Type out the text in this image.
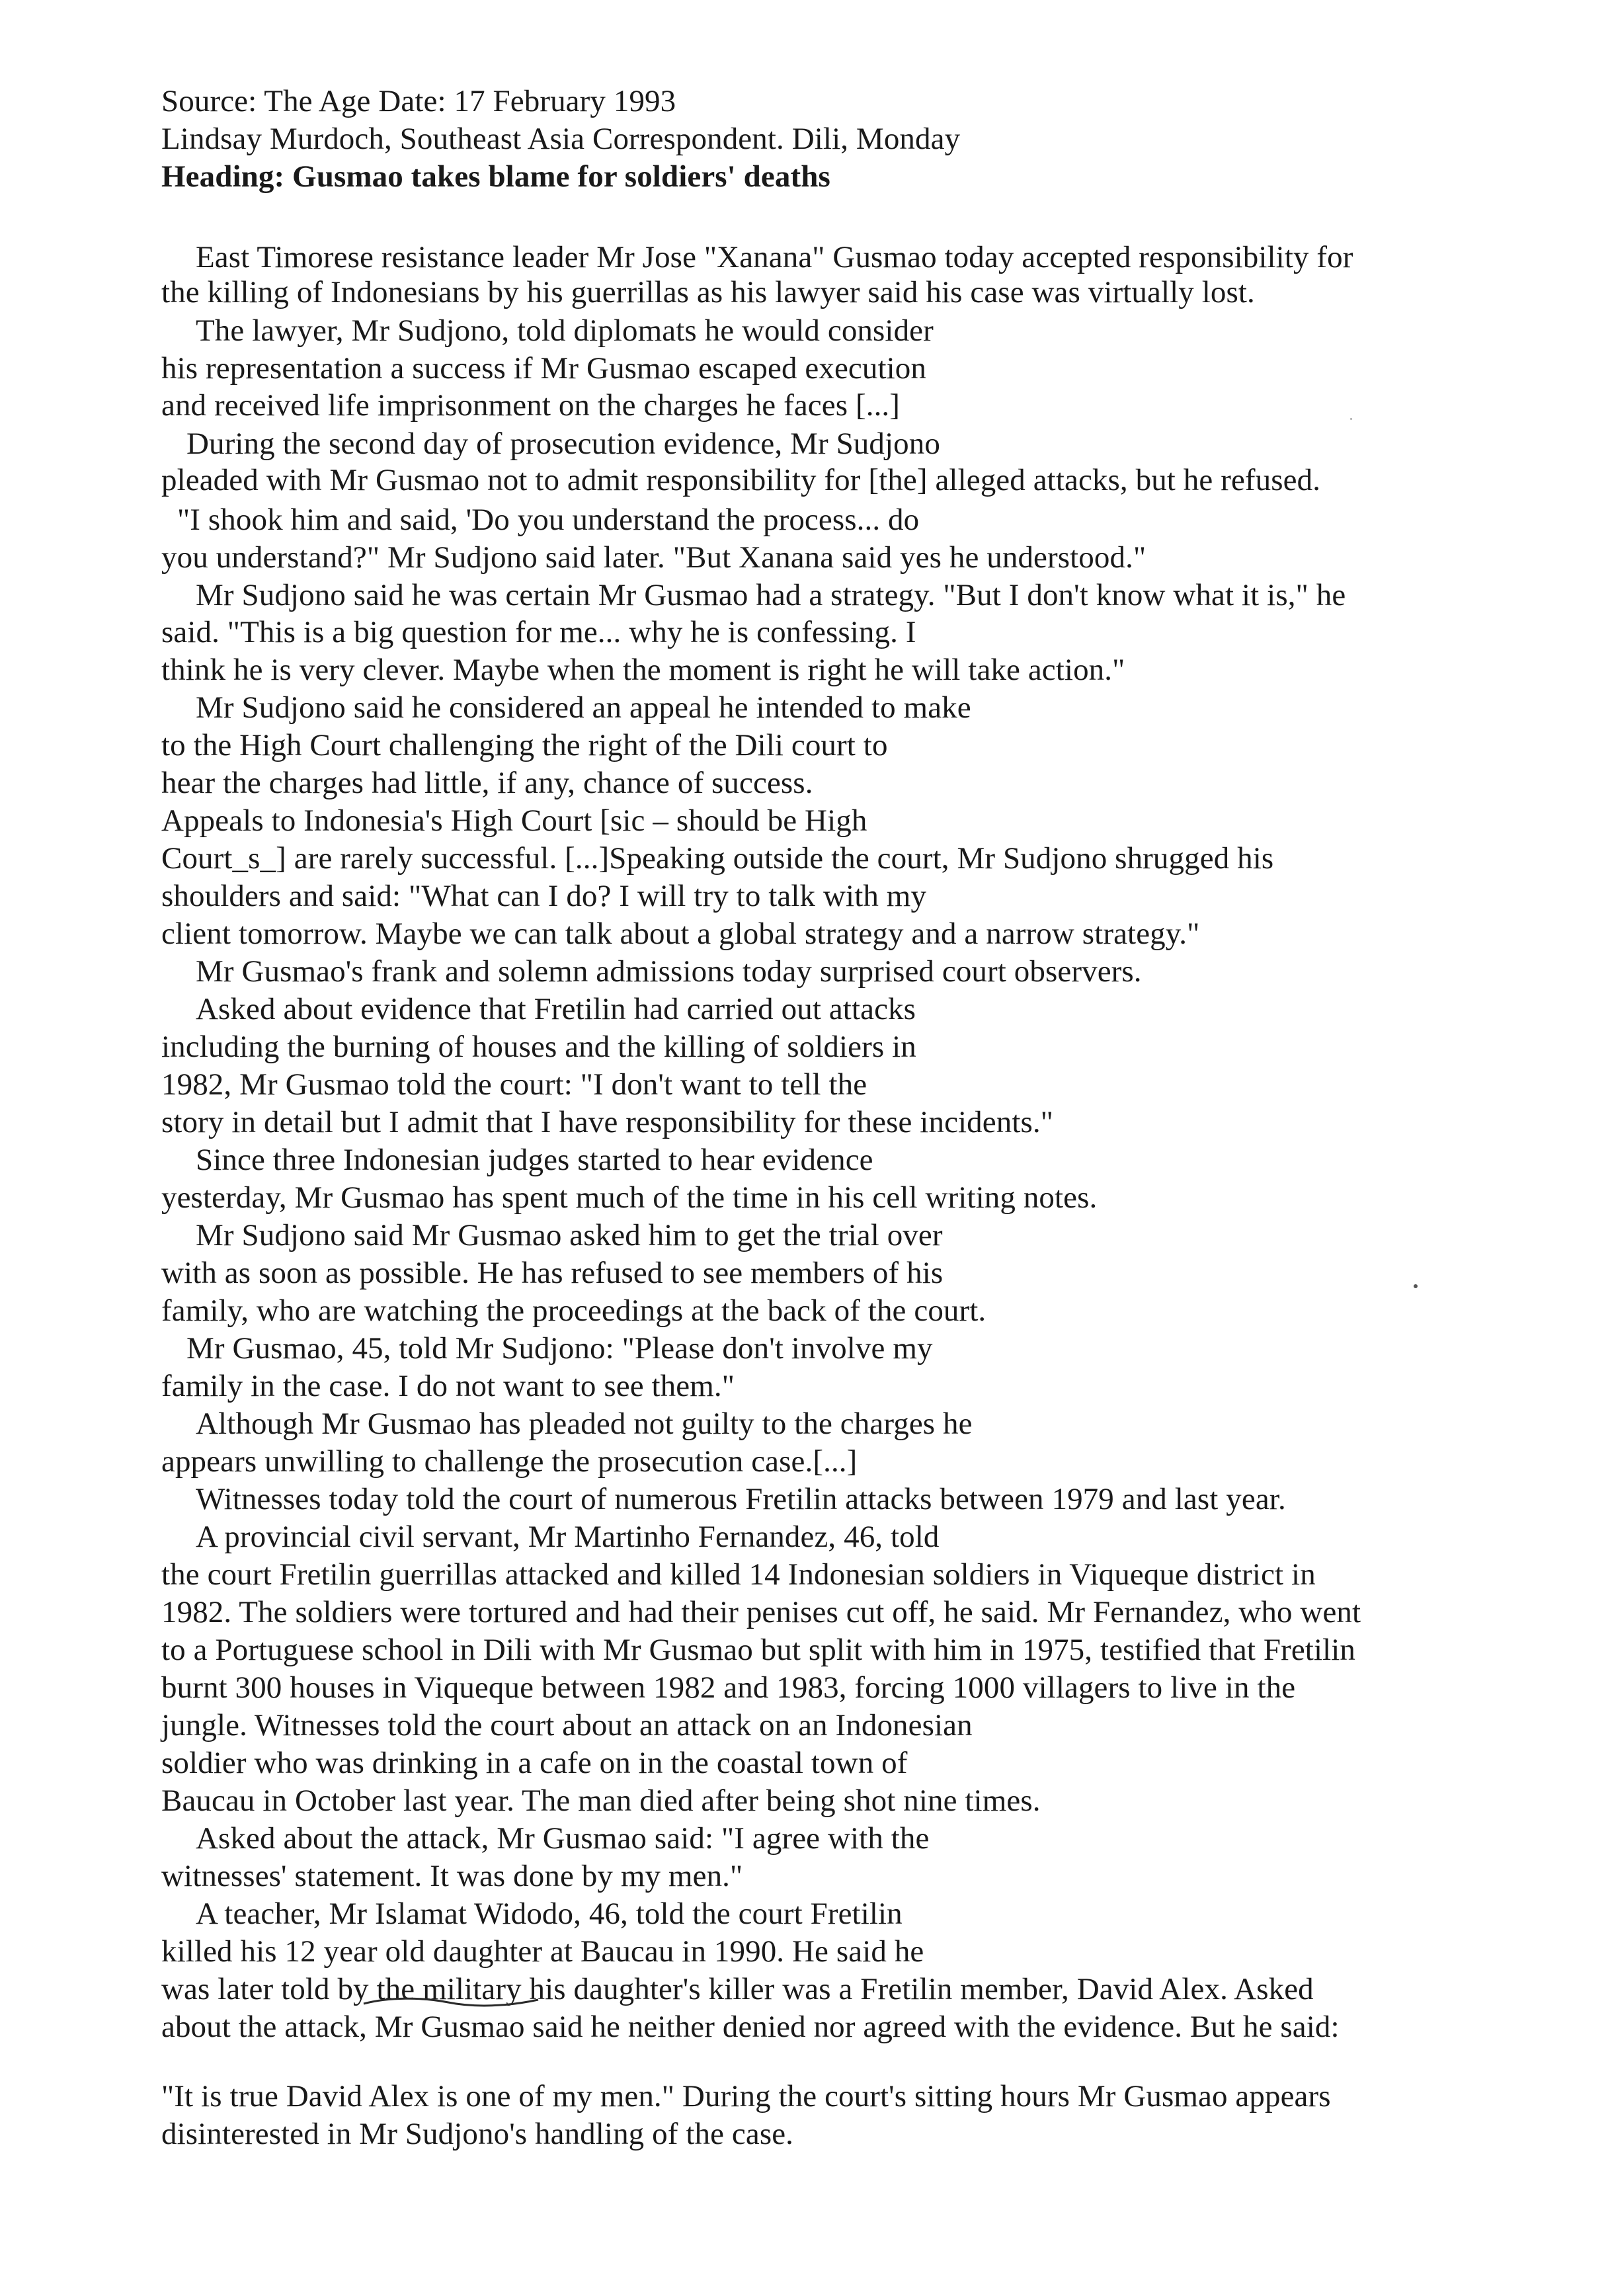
Source: The Age Date: 17 February 1993
Lindsay Murdoch, Southeast Asia Correspondent. Dili, Monday
Heading: Gusmao takes blame for soldiers' deaths
East Timorese resistance leader Mr Jose "Xanana" Gusmao today accepted responsibility for
the killing of Indonesians by his guerrillas as his lawyer said his case was virtually lost.
The lawyer, Mr Sudjono, told diplomats he would consider
his representation a success if Mr Gusmao escaped execution
and received life imprisonment on the charges he faces [...]
During the second day of prosecution evidence, Mr Sudjono
pleaded with Mr Gusmao not to admit responsibility for [the] alleged attacks, but he refused.
"I shook him and said, 'Do you understand the process... do
you understand?" Mr Sudjono said later. "But Xanana said yes he understood."
Mr Sudjono said he was certain Mr Gusmao had a strategy. "But I don't know what it is," he
said. "This is a big question for me... why he is confessing. I
think he is very clever. Maybe when the moment is right he will take action."
Mr Sudjono said he considered an appeal he intended to make
to the High Court challenging the right of the Dili court to
hear the charges had little, if any, chance of success.
Appeals to Indonesia's High Court [sic – should be High
Court_s_] are rarely successful. [...]Speaking outside the court, Mr Sudjono shrugged his
shoulders and said: "What can I do? I will try to talk with my
client tomorrow. Maybe we can talk about a global strategy and a narrow strategy."
Mr Gusmao's frank and solemn admissions today surprised court observers.
Asked about evidence that Fretilin had carried out attacks
including the burning of houses and the killing of soldiers in
1982, Mr Gusmao told the court: "I don't want to tell the
story in detail but I admit that I have responsibility for these incidents."
Since three Indonesian judges started to hear evidence
yesterday, Mr Gusmao has spent much of the time in his cell writing notes.
Mr Sudjono said Mr Gusmao asked him to get the trial over
with as soon as possible. He has refused to see members of his
family, who are watching the proceedings at the back of the court.
Mr Gusmao, 45, told Mr Sudjono: "Please don't involve my
family in the case. I do not want to see them."
Although Mr Gusmao has pleaded not guilty to the charges he
appears unwilling to challenge the prosecution case.[...]
Witnesses today told the court of numerous Fretilin attacks between 1979 and last year.
A provincial civil servant, Mr Martinho Fernandez, 46, told
the court Fretilin guerrillas attacked and killed 14 Indonesian soldiers in Viqueque district in
1982. The soldiers were tortured and had their penises cut off, he said. Mr Fernandez, who went
to a Portuguese school in Dili with Mr Gusmao but split with him in 1975, testified that Fretilin
burnt 300 houses in Viqueque between 1982 and 1983, forcing 1000 villagers to live in the
jungle. Witnesses told the court about an attack on an Indonesian
soldier who was drinking in a cafe on in the coastal town of
Baucau in October last year. The man died after being shot nine times.
Asked about the attack, Mr Gusmao said: "I agree with the
witnesses' statement. It was done by my men."
A teacher, Mr Islamat Widodo, 46, told the court Fretilin
killed his 12 year old daughter at Baucau in 1990. He said he
was later told by the military his daughter's killer was a Fretilin member, David Alex. Asked
about the attack, Mr Gusmao said he neither denied nor agreed with the evidence. But he said:
"It is true David Alex is one of my men." During the court's sitting hours Mr Gusmao appears
disinterested in Mr Sudjono's handling of the case.
